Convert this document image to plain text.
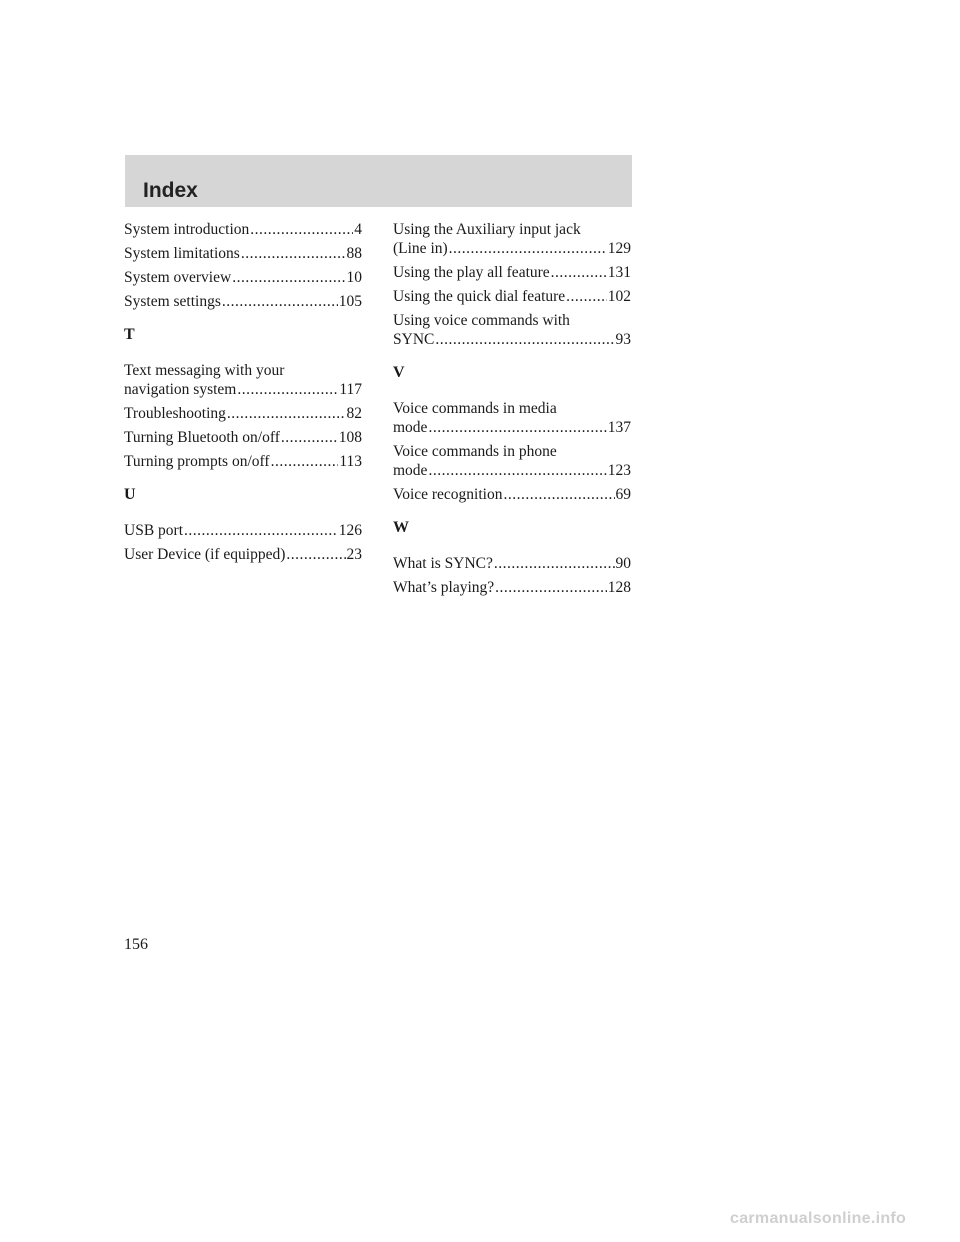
Index
System introduction .....	4
System limitations .....	88
System overview .....	10
System settings .....	105
T
Text messaging with your
navigation system .....	117
Troubleshooting .....	82
Turning Bluetooth on/off .....	108
Turning prompts on/off .....	113
U
USB port .....	126
User Device (if equipped) .....	23
Using the Auxiliary input jack
(Line in) .....	129
Using the play all feature .....	131
Using the quick dial feature .....	102
Using voice commands with
SYNC .....	93
V
Voice commands in media
mode .....	137
Voice commands in phone
mode .....	123
Voice recognition .....	69
W
What is SYNC? .....	90
What’s playing? .....	128
156
carmanualsonline.info
